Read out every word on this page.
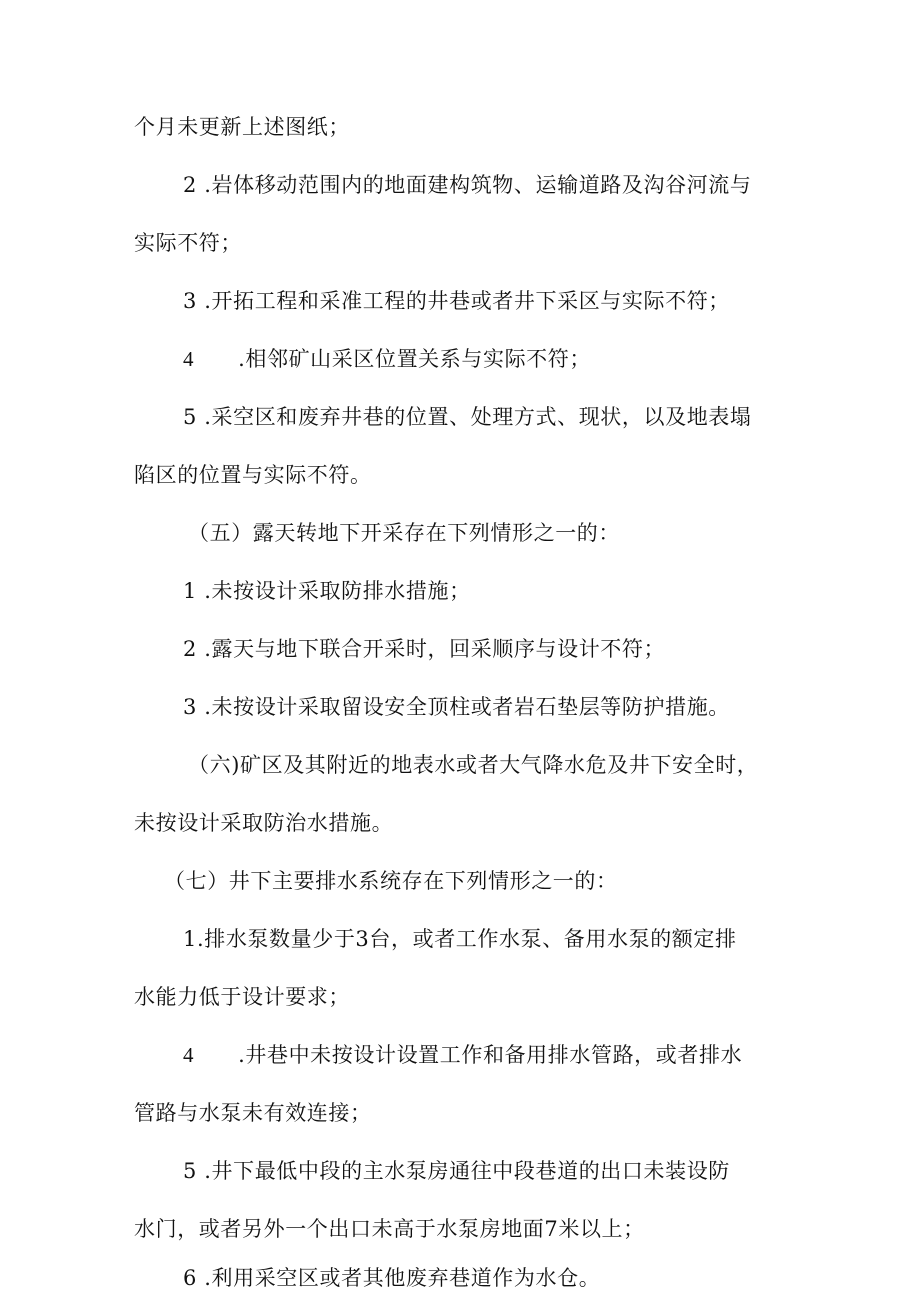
个月未更新上述图纸；

2 .岩体移动范围内的地面建构筑物、运输道路及沟谷河流与
实际不符；

3 .开拓工程和采准工程的井巷或者井下采区与实际不符；

4 .相邻矿山采区位置关系与实际不符；

5 .采空区和废弃井巷的位置、处理方式、现状，以及地表塌
陷区的位置与实际不符。

（五）露天转地下开采存在下列情形之一的：

1 .未按设计采取防排水措施；

2 .露天与地下联合开采时，回采顺序与设计不符；

3 .未按设计采取留设安全顶柱或者岩石垫层等防护措施。

（六)矿区及其附近的地表水或者大气降水危及井下安全时，
未按设计采取防治水措施。

（七）井下主要排水系统存在下列情形之一的：

1.排水泵数量少于3台，或者工作水泵、备用水泵的额定排
水能力低于设计要求；

4 .井巷中未按设计设置工作和备用排水管路，或者排水
管路与水泵未有效连接；

5 .井下最低中段的主水泵房通往中段巷道的出口未装设防
水门，或者另外一个出口未高于水泵房地面7米以上；

6 .利用采空区或者其他废弃巷道作为水仓。
